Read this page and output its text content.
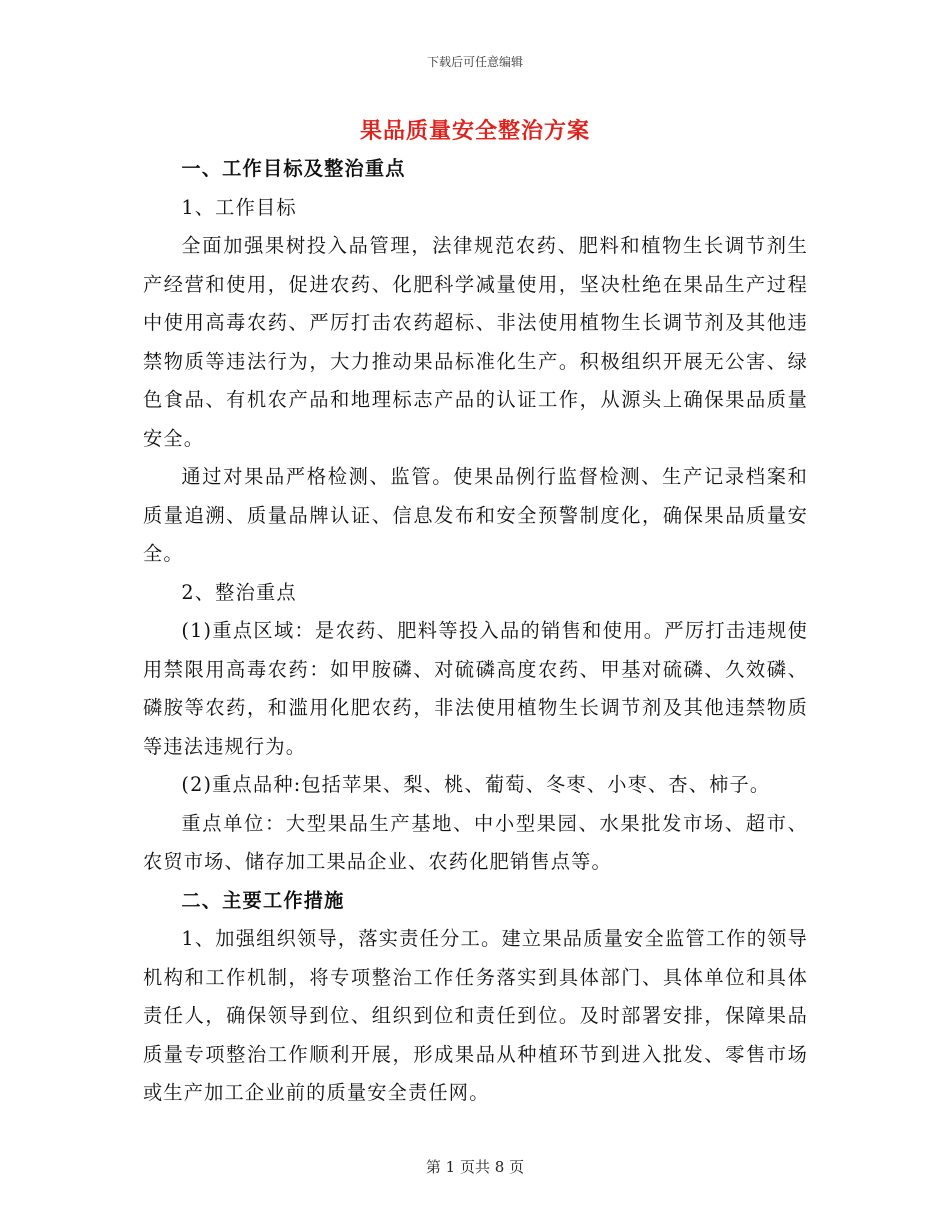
下载后可任意编辑
果品质量安全整治方案

一、工作目标及整治重点

1、工作目标

全面加强果树投入品管理，法律规范农药、肥料和植物生长调节剂生产经营和使用，促进农药、化肥科学减量使用，坚决杜绝在果品生产过程中使用高毒农药、严厉打击农药超标、非法使用植物生长调节剂及其他违禁物质等违法行为，大力推动果品标准化生产。积极组织开展无公害、绿色食品、有机农产品和地理标志产品的认证工作，从源头上确保果品质量安全。

通过对果品严格检测、监管。使果品例行监督检测、生产记录档案和质量追溯、质量品牌认证、信息发布和安全预警制度化，确保果品质量安全。

2、整治重点

(1)重点区域：是农药、肥料等投入品的销售和使用。严厉打击违规使用禁限用高毒农药：如甲胺磷、对硫磷高度农药、甲基对硫磷、久效磷、磷胺等农药，和滥用化肥农药，非法使用植物生长调节剂及其他违禁物质等违法违规行为。

(2)重点品种:包括苹果、梨、桃、葡萄、冬枣、小枣、杏、柿子。

重点单位：大型果品生产基地、中小型果园、水果批发市场、超市、农贸市场、储存加工果品企业、农药化肥销售点等。

二、主要工作措施

1、加强组织领导，落实责任分工。建立果品质量安全监管工作的领导机构和工作机制，将专项整治工作任务落实到具体部门、具体单位和具体责任人，确保领导到位、组织到位和责任到位。及时部署安排，保障果品质量专项整治工作顺利开展，形成果品从种植环节到进入批发、零售市场或生产加工企业前的质量安全责任网。

第 1 页共 8 页
